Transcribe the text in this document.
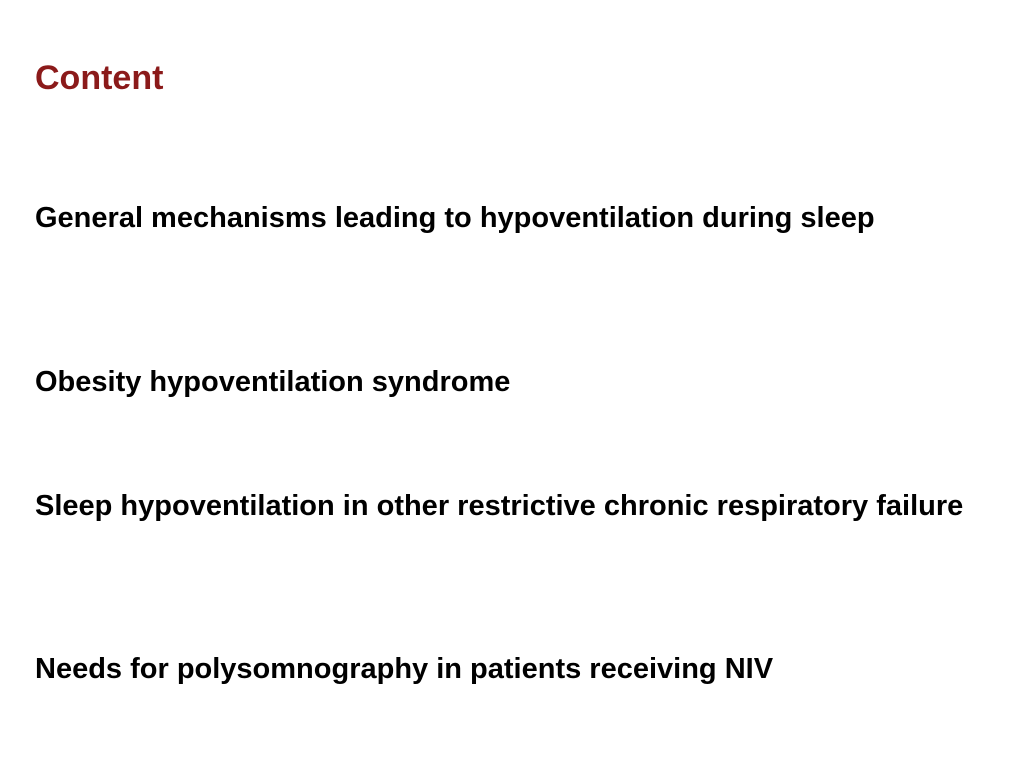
Content

General mechanisms leading to hypoventilation during sleep

Obesity hypoventilation syndrome

Sleep hypoventilation in other restrictive chronic respiratory failure

Needs for polysomnography in patients receiving NIV
